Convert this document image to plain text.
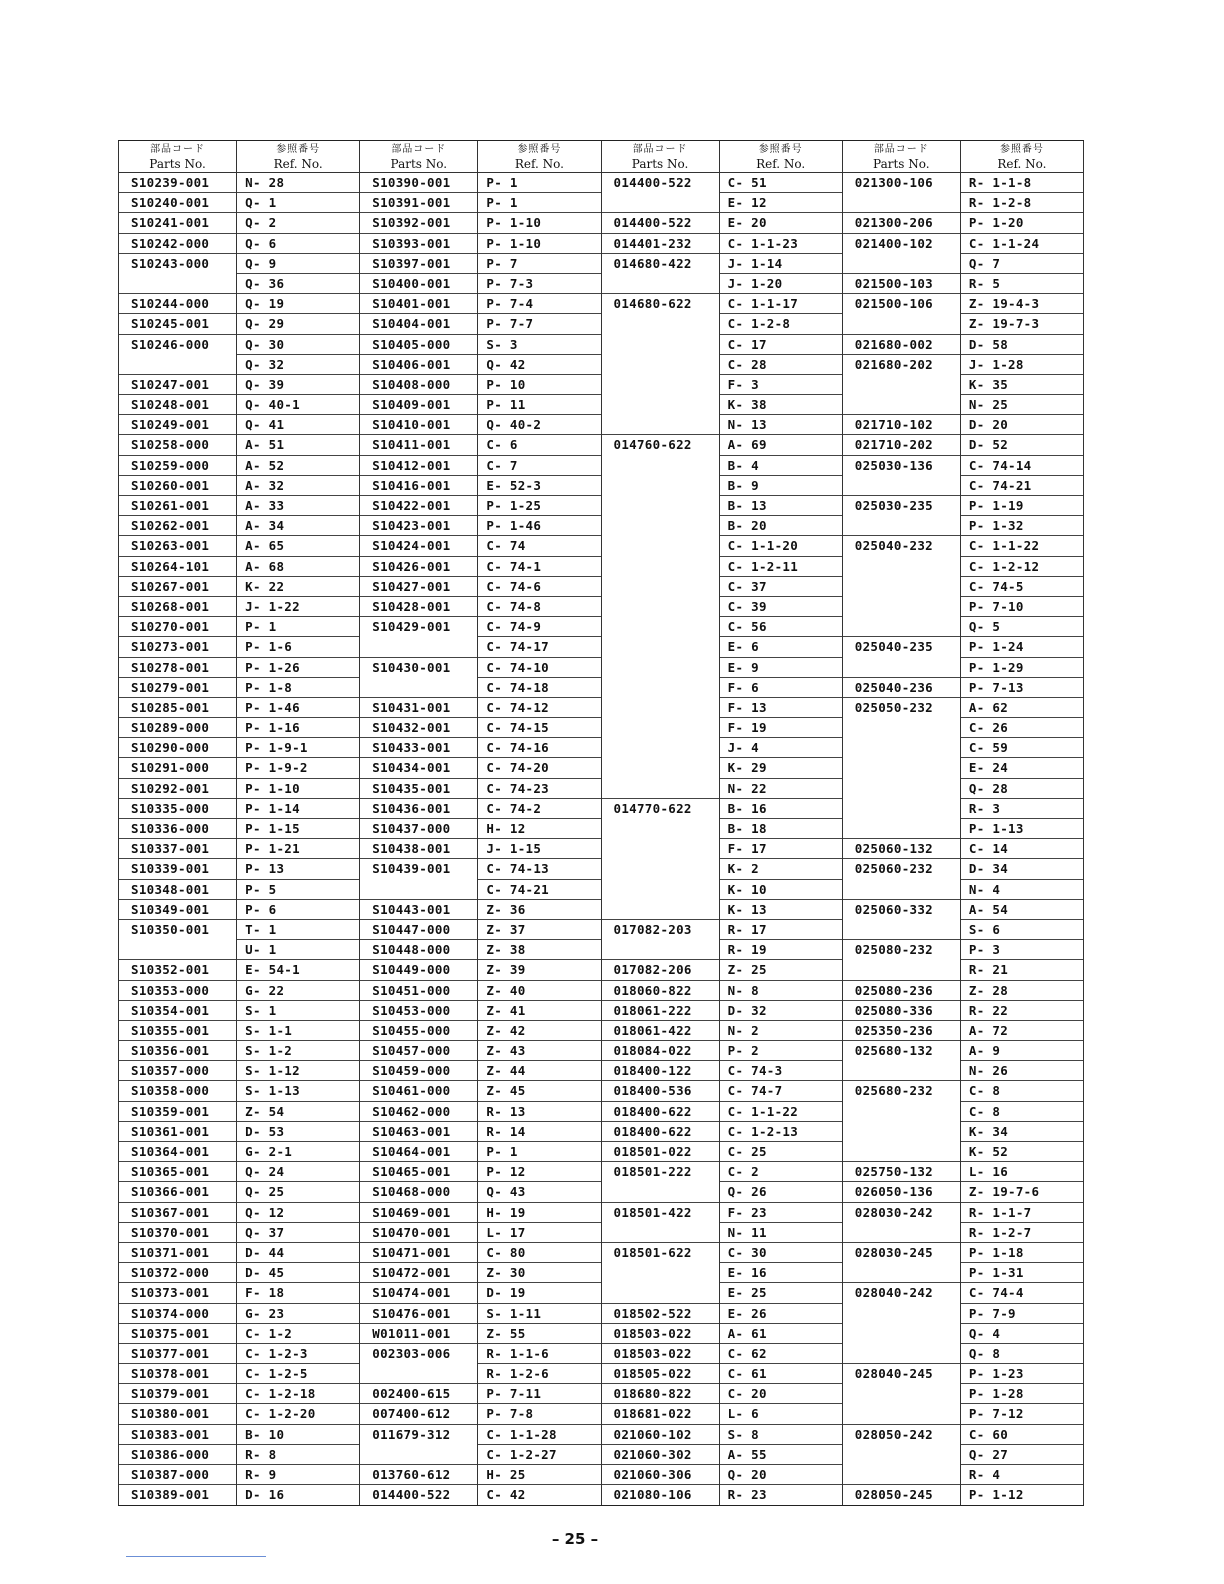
部品コード
Parts No.
S10239-001
S10240-001
S10241-001
S10242-000
S10243-000
S10244-000
S10245-001
S10246-000
S10247-001
S10248-001
S10249-001
S10258-000
S10259-000
S10260-001
S10261-001
S10262-001
S10263-001
S10264-101
S10267-001
S10268-001
S10270-001
S10273-001
S10278-001
S10279-001
S10285-001
S10289-000
S10290-000
S10291-000
S10292-001
S10335-000
S10336-000
S10337-001
S10339-001
S10348-001
S10349-001
S10350-001
S10352-001
S10353-000
S10354-001
S10355-001
S10356-001
S10357-000
S10358-000
S10359-001
S10361-001
S10364-001
S10365-001
S10366-001
S10367-001
S10370-001
S10371-001
S10372-000
S10373-001
S10374-000
S10375-001
S10377-001
S10378-001
S10379-001
S10380-001
S10383-001
S10386-000
S10387-000
S10389-001
参照番号
Ref. No.
N- 28
Q- 1
Q- 2
Q- 6
Q- 9
Q- 36
Q- 19
Q- 29
Q- 30
Q- 32
Q- 39
Q- 40-1
Q- 41
A- 51
A- 52
A- 32
A- 33
A- 34
A- 65
A- 68
K- 22
J- 1-22
P- 1
P- 1-6
P- 1-26
P- 1-8
P- 1-46
P- 1-16
P- 1-9-1
P- 1-9-2
P- 1-10
P- 1-14
P- 1-15
P- 1-21
P- 13
P- 5
P- 6
T- 1
U- 1
E- 54-1
G- 22
S- 1
S- 1-1
S- 1-2
S- 1-12
S- 1-13
Z- 54
D- 53
G- 2-1
Q- 24
Q- 25
Q- 12
Q- 37
D- 44
D- 45
F- 18
G- 23
C- 1-2
C- 1-2-3
C- 1-2-5
C- 1-2-18
C- 1-2-20
B- 10
R- 8
R- 9
D- 16
部品コード
Parts No.
S10390-001
S10391-001
S10392-001
S10393-001
S10397-001
S10400-001
S10401-001
S10404-001
S10405-000
S10406-001
S10408-000
S10409-001
S10410-001
S10411-001
S10412-001
S10416-001
S10422-001
S10423-001
S10424-001
S10426-001
S10427-001
S10428-001
S10429-001
S10430-001
S10431-001
S10432-001
S10433-001
S10434-001
S10435-001
S10436-001
S10437-000
S10438-001
S10439-001
S10443-001
S10447-000
S10448-000
S10449-000
S10451-000
S10453-000
S10455-000
S10457-000
S10459-000
S10461-000
S10462-000
S10463-001
S10464-001
S10465-001
S10468-000
S10469-001
S10470-001
S10471-001
S10472-001
S10474-001
S10476-001
W01011-001
002303-006
002400-615
007400-612
011679-312
013760-612
014400-522
参照番号
Ref. No.
P- 1
P- 1
P- 1-10
P- 1-10
P- 7
P- 7-3
P- 7-4
P- 7-7
S- 3
Q- 42
P- 10
P- 11
Q- 40-2
C- 6
C- 7
E- 52-3
P- 1-25
P- 1-46
C- 74
C- 74-1
C- 74-6
C- 74-8
C- 74-9
C- 74-17
C- 74-10
C- 74-18
C- 74-12
C- 74-15
C- 74-16
C- 74-20
C- 74-23
C- 74-2
H- 12
J- 1-15
C- 74-13
C- 74-21
Z- 36
Z- 37
Z- 38
Z- 39
Z- 40
Z- 41
Z- 42
Z- 43
Z- 44
Z- 45
R- 13
R- 14
P- 1
P- 12
Q- 43
H- 19
L- 17
C- 80
Z- 30
D- 19
S- 1-11
Z- 55
R- 1-1-6
R- 1-2-6
P- 7-11
P- 7-8
C- 1-1-28
C- 1-2-27
H- 25
C- 42
部品コード
Parts No.
014400-522
014400-522
014401-232
014680-422
014680-622
014760-622
014770-622
017082-203
017082-206
018060-822
018061-222
018061-422
018084-022
018400-122
018400-536
018400-622
018400-622
018501-022
018501-222
018501-422
018501-622
018502-522
018503-022
018503-022
018505-022
018680-822
018681-022
021060-102
021060-302
021060-306
021080-106
参照番号
Ref. No.
C- 51
E- 12
E- 20
C- 1-1-23
J- 1-14
J- 1-20
C- 1-1-17
C- 1-2-8
C- 17
C- 28
F- 3
K- 38
N- 13
A- 69
B- 4
B- 9
B- 13
B- 20
C- 1-1-20
C- 1-2-11
C- 37
C- 39
C- 56
E- 6
E- 9
F- 6
F- 13
F- 19
J- 4
K- 29
N- 22
B- 16
B- 18
F- 17
K- 2
K- 10
K- 13
R- 17
R- 19
Z- 25
N- 8
D- 32
N- 2
P- 2
C- 74-3
C- 74-7
C- 1-1-22
C- 1-2-13
C- 25
C- 2
Q- 26
F- 23
N- 11
C- 30
E- 16
E- 25
E- 26
A- 61
C- 62
C- 61
C- 20
L- 6
S- 8
A- 55
Q- 20
R- 23
部品コード
Parts No.
021300-106
021300-206
021400-102
021500-103
021500-106
021680-002
021680-202
021710-102
021710-202
025030-136
025030-235
025040-232
025040-235
025040-236
025050-232
025060-132
025060-232
025060-332
025080-232
025080-236
025080-336
025350-236
025680-132
025680-232
025750-132
026050-136
028030-242
028030-245
028040-242
028040-245
028050-242
028050-245
参照番号
Ref. No.
R- 1-1-8
R- 1-2-8
P- 1-20
C- 1-1-24
Q- 7
R- 5
Z- 19-4-3
Z- 19-7-3
D- 58
J- 1-28
K- 35
N- 25
D- 20
D- 52
C- 74-14
C- 74-21
P- 1-19
P- 1-32
C- 1-1-22
C- 1-2-12
C- 74-5
P- 7-10
Q- 5
P- 1-24
P- 1-29
P- 7-13
A- 62
C- 26
C- 59
E- 24
Q- 28
R- 3
P- 1-13
C- 14
D- 34
N- 4
A- 54
S- 6
P- 3
R- 21
Z- 28
R- 22
A- 72
A- 9
N- 26
C- 8
C- 8
K- 34
K- 52
L- 16
Z- 19-7-6
R- 1-1-7
R- 1-2-7
P- 1-18
P- 1-31
C- 74-4
P- 7-9
Q- 4
Q- 8
P- 1-23
P- 1-28
P- 7-12
C- 60
Q- 27
R- 4
P- 1-12
– 25 –
